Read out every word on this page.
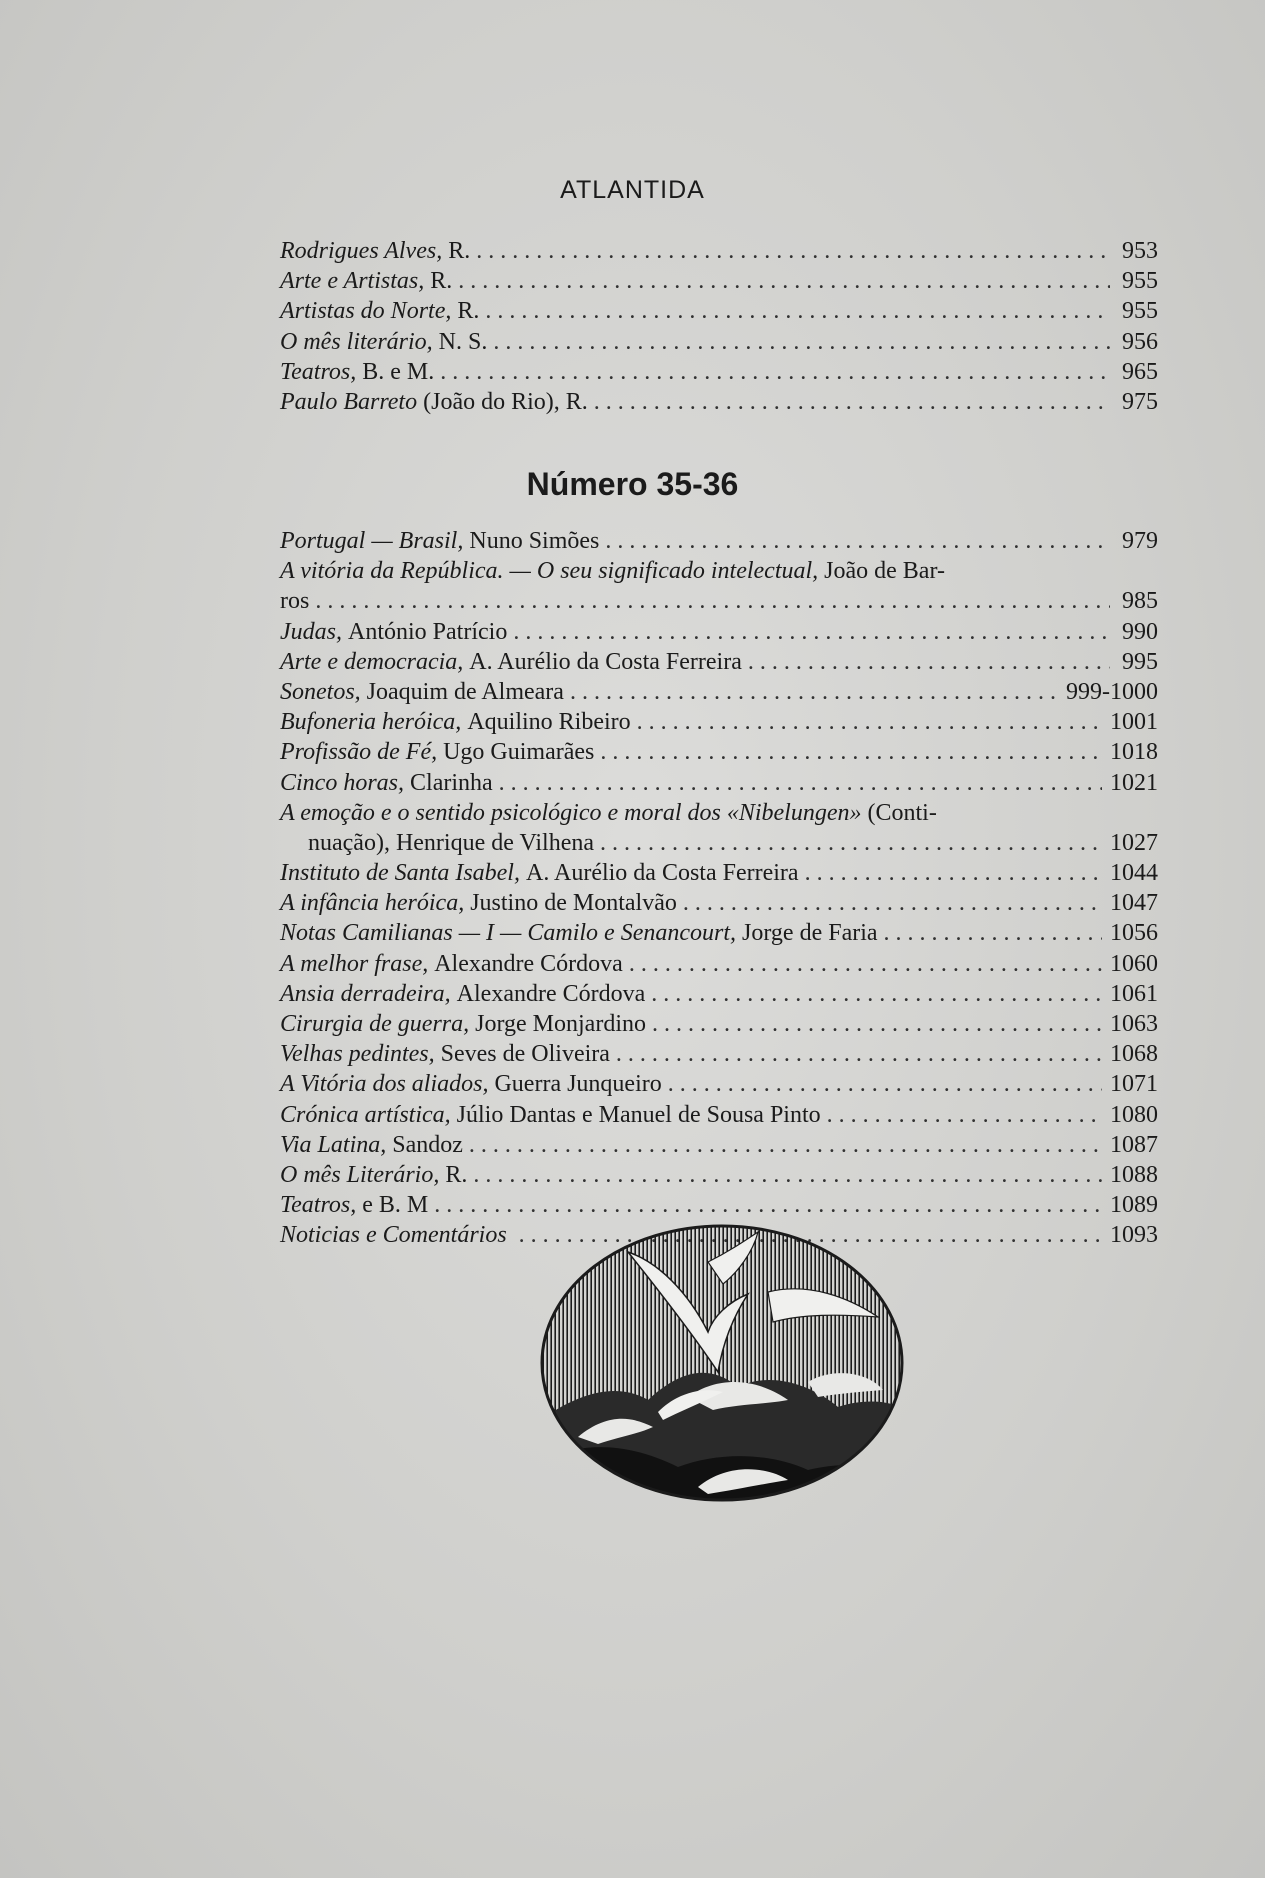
ATLANTIDA
Rodrigues Alves, R. . . .	953
Arte e Artistas, R. . . .	955
Artistas do Norte, R. . . .	955
O mês literário, N. S. . . .	956
Teatros, B. e M. . . .	965
Paulo Barreto (João do Rio), R. . . .	975
Número 35-36
Portugal — Brasil, Nuno Simões . . .	979
A vitória da República. — O seu significado intelectual, João de Bar-
ros . . .	985
Judas, António Patrício . . .	990
Arte e democracia, A. Aurélio da Costa Ferreira . . .	995
Sonetos, Joaquim de Almeara . . .	999-1000
Bufoneria heróica, Aquilino Ribeiro . . .	1001
Profissão de Fé, Ugo Guimarães . . .	1018
Cinco horas, Clarinha . . .	1021
A emoção e o sentido psicológico e moral dos «Nibelungen» (Conti-
nuação), Henrique de Vilhena . . .	1027
Instituto de Santa Isabel, A. Aurélio da Costa Ferreira . . .	1044
A infância heróica, Justino de Montalvão . . .	1047
Notas Camilianas — I — Camilo e Senancourt, Jorge de Faria . . .	1056
A melhor frase, Alexandre Córdova . . .	1060
Ansia derradeira, Alexandre Córdova . . .	1061
Cirurgia de guerra, Jorge Monjardino . . .	1063
Velhas pedintes, Seves de Oliveira . . .	1068
A Vitória dos aliados, Guerra Junqueiro . . .	1071
Crónica artística, Júlio Dantas e Manuel de Sousa Pinto . . .	1080
Via Latina, Sandoz . . .	1087
O mês Literário, R. . . .	1088
Teatros, e B. M . . .	1089
Noticias e Comentários . . .	1093
